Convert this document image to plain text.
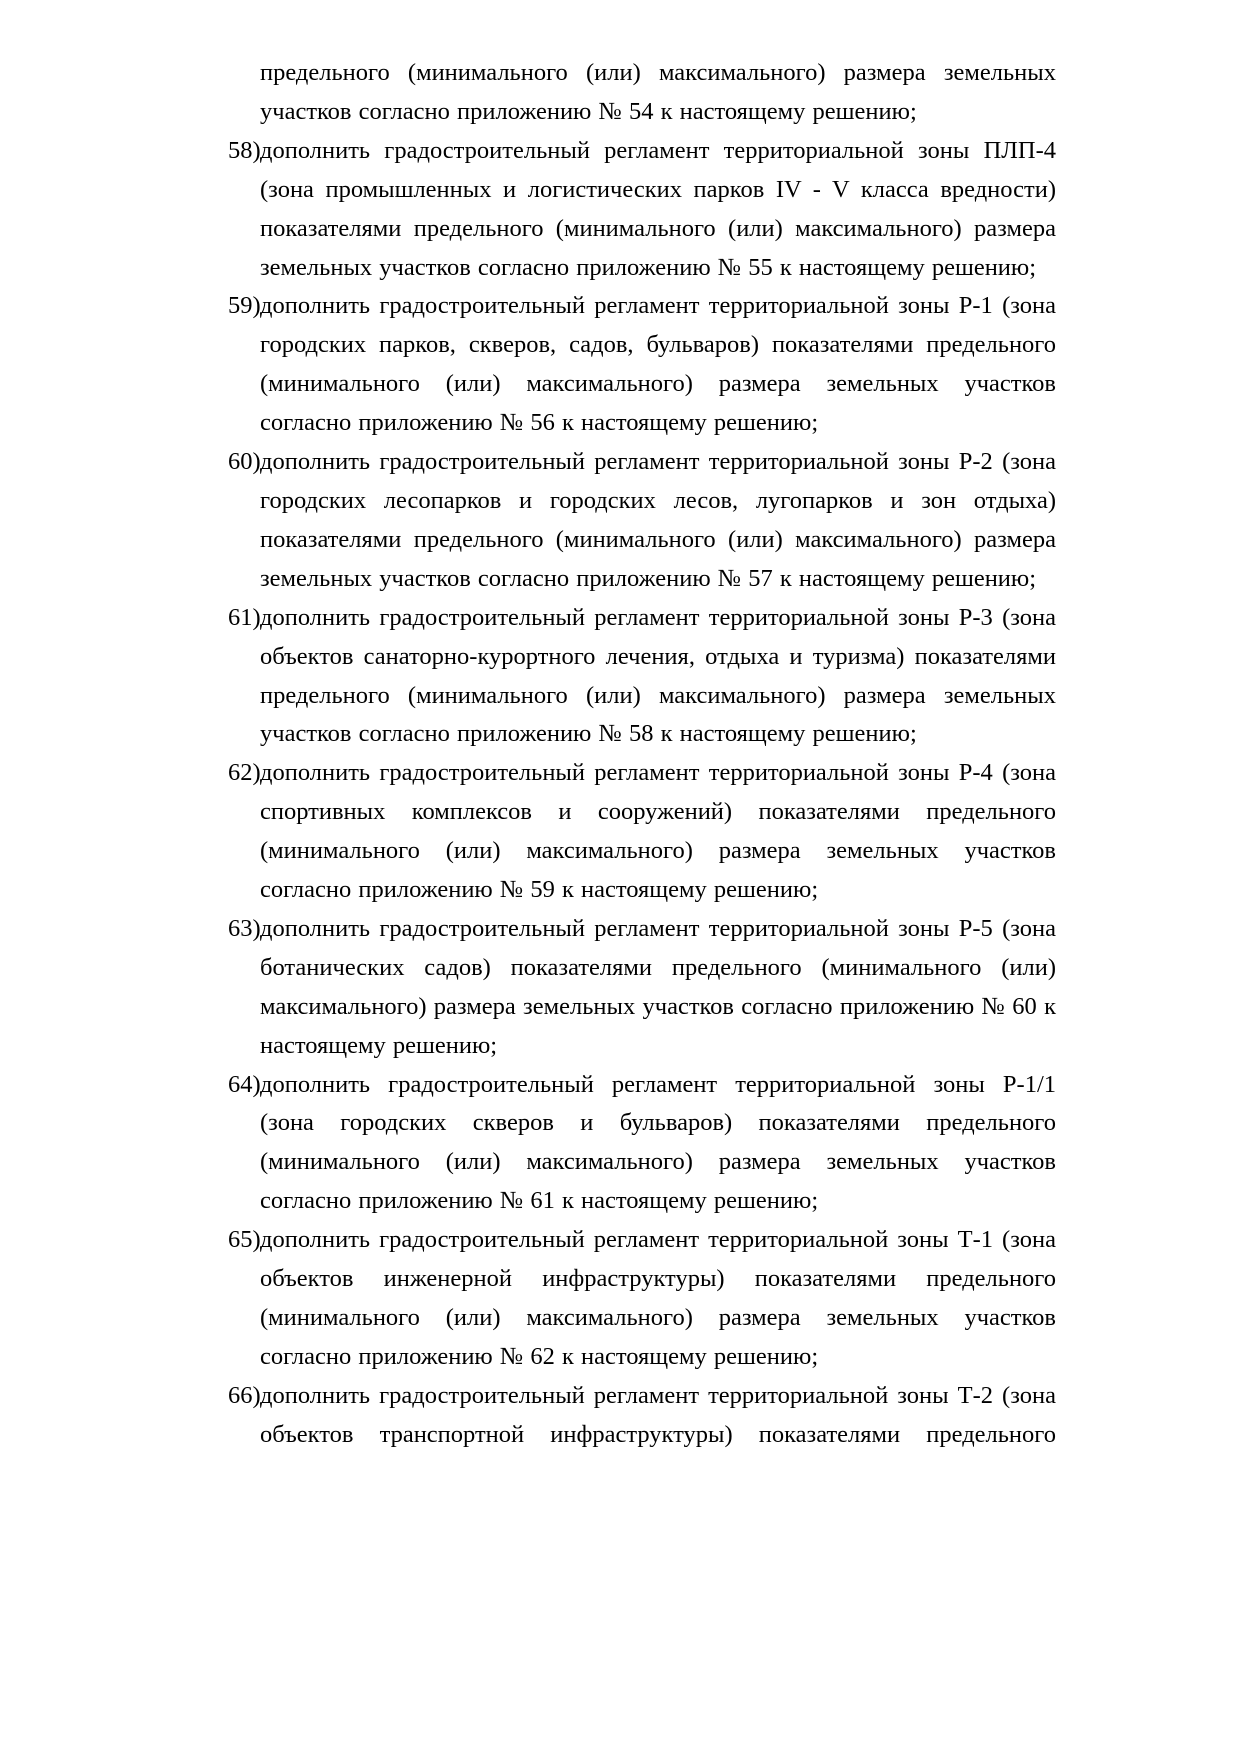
предельного (минимального (или) максимального) размера земельных участков согласно приложению № 54 к настоящему решению;

58) дополнить градостроительный регламент территориальной зоны ПЛП-4 (зона промышленных и логистических парков IV - V класса вредности) показателями предельного (минимального (или) максимального) размера земельных участков согласно приложению № 55 к настоящему решению;

59) дополнить градостроительный регламент территориальной зоны Р-1 (зона городских парков, скверов, садов, бульваров) показателями предельного (минимального (или) максимального) размера земельных участков согласно приложению № 56 к настоящему решению;

60) дополнить градостроительный регламент территориальной зоны Р-2 (зона городских лесопарков и городских лесов, лугопарков и зон отдыха) показателями предельного (минимального (или) максимального) размера земельных участков согласно приложению № 57 к настоящему решению;

61) дополнить градостроительный регламент территориальной зоны Р-3 (зона объектов санаторно-курортного лечения, отдыха и туризма) показателями предельного (минимального (или) максимального) размера земельных участков согласно приложению № 58 к настоящему решению;

62) дополнить градостроительный регламент территориальной зоны Р-4 (зона спортивных комплексов и сооружений) показателями предельного (минимального (или) максимального) размера земельных участков согласно приложению № 59 к настоящему решению;

63) дополнить градостроительный регламент территориальной зоны Р-5 (зона ботанических садов) показателями предельного (минимального (или) максимального) размера земельных участков согласно приложению № 60 к настоящему решению;

64) дополнить градостроительный регламент территориальной зоны Р-1/1 (зона городских скверов и бульваров) показателями предельного (минимального (или) максимального) размера земельных участков согласно приложению № 61 к настоящему решению;

65) дополнить градостроительный регламент территориальной зоны Т-1 (зона объектов инженерной инфраструктуры) показателями предельного (минимального (или) максимального) размера земельных участков согласно приложению № 62 к настоящему решению;

66) дополнить градостроительный регламент территориальной зоны Т-2 (зона объектов транспортной инфраструктуры) показателями предельного
